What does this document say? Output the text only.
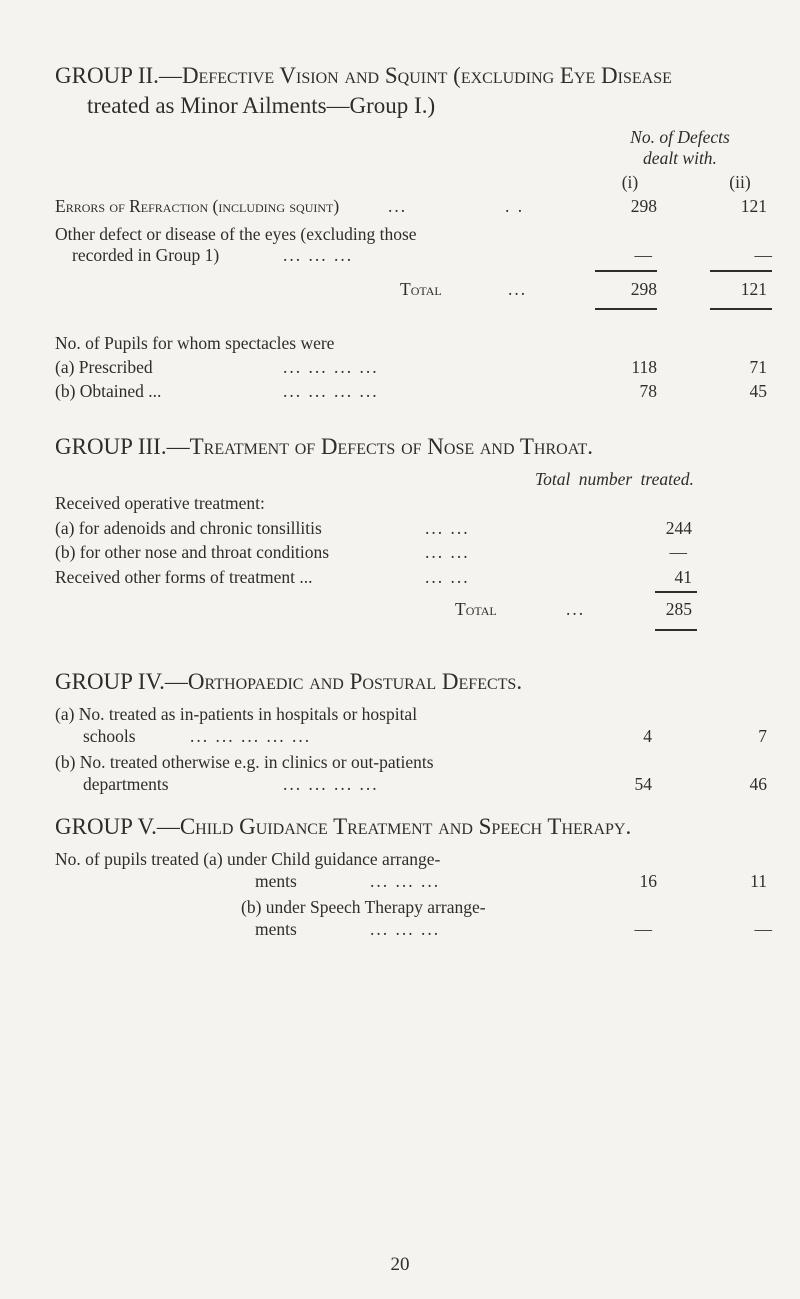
GROUP II.—Defective Vision and Squint (excluding Eye Disease
treated as Minor Ailments—Group I.)
No. of Defects
dealt with.
(i)	(ii)
Errors of Refraction (including squint)	...	. .	298	121
Other defect or disease of the eyes (excluding those
recorded in Group 1)	... ... ...	—	—
Total	...	298	121
No. of Pupils for whom spectacles were
(a) Prescribed	... ... ... ...	118	71
(b) Obtained ...	... ... ... ...	78	45
GROUP III.—Treatment of Defects of Nose and Throat.
Total number treated.
Received operative treatment:
(a) for adenoids and chronic tonsillitis	... ...	244
(b) for other nose and throat conditions	... ...	—
Received other forms of treatment ...	... ...	41
Total	...	285
GROUP IV.—Orthopaedic and Postural Defects.
(a) No. treated as in-patients in hospitals or hospital
schools	... ... ... ... ...	4	7
(b) No. treated otherwise e.g. in clinics or out-patients
departments	... ... ... ...	54	46
GROUP V.—Child Guidance Treatment and Speech Therapy.
No. of pupils treated (a) under Child guidance arrange-
ments	... ... ...	16	11
(b) under Speech Therapy arrange-
ments	... ... ...	—	—
20
